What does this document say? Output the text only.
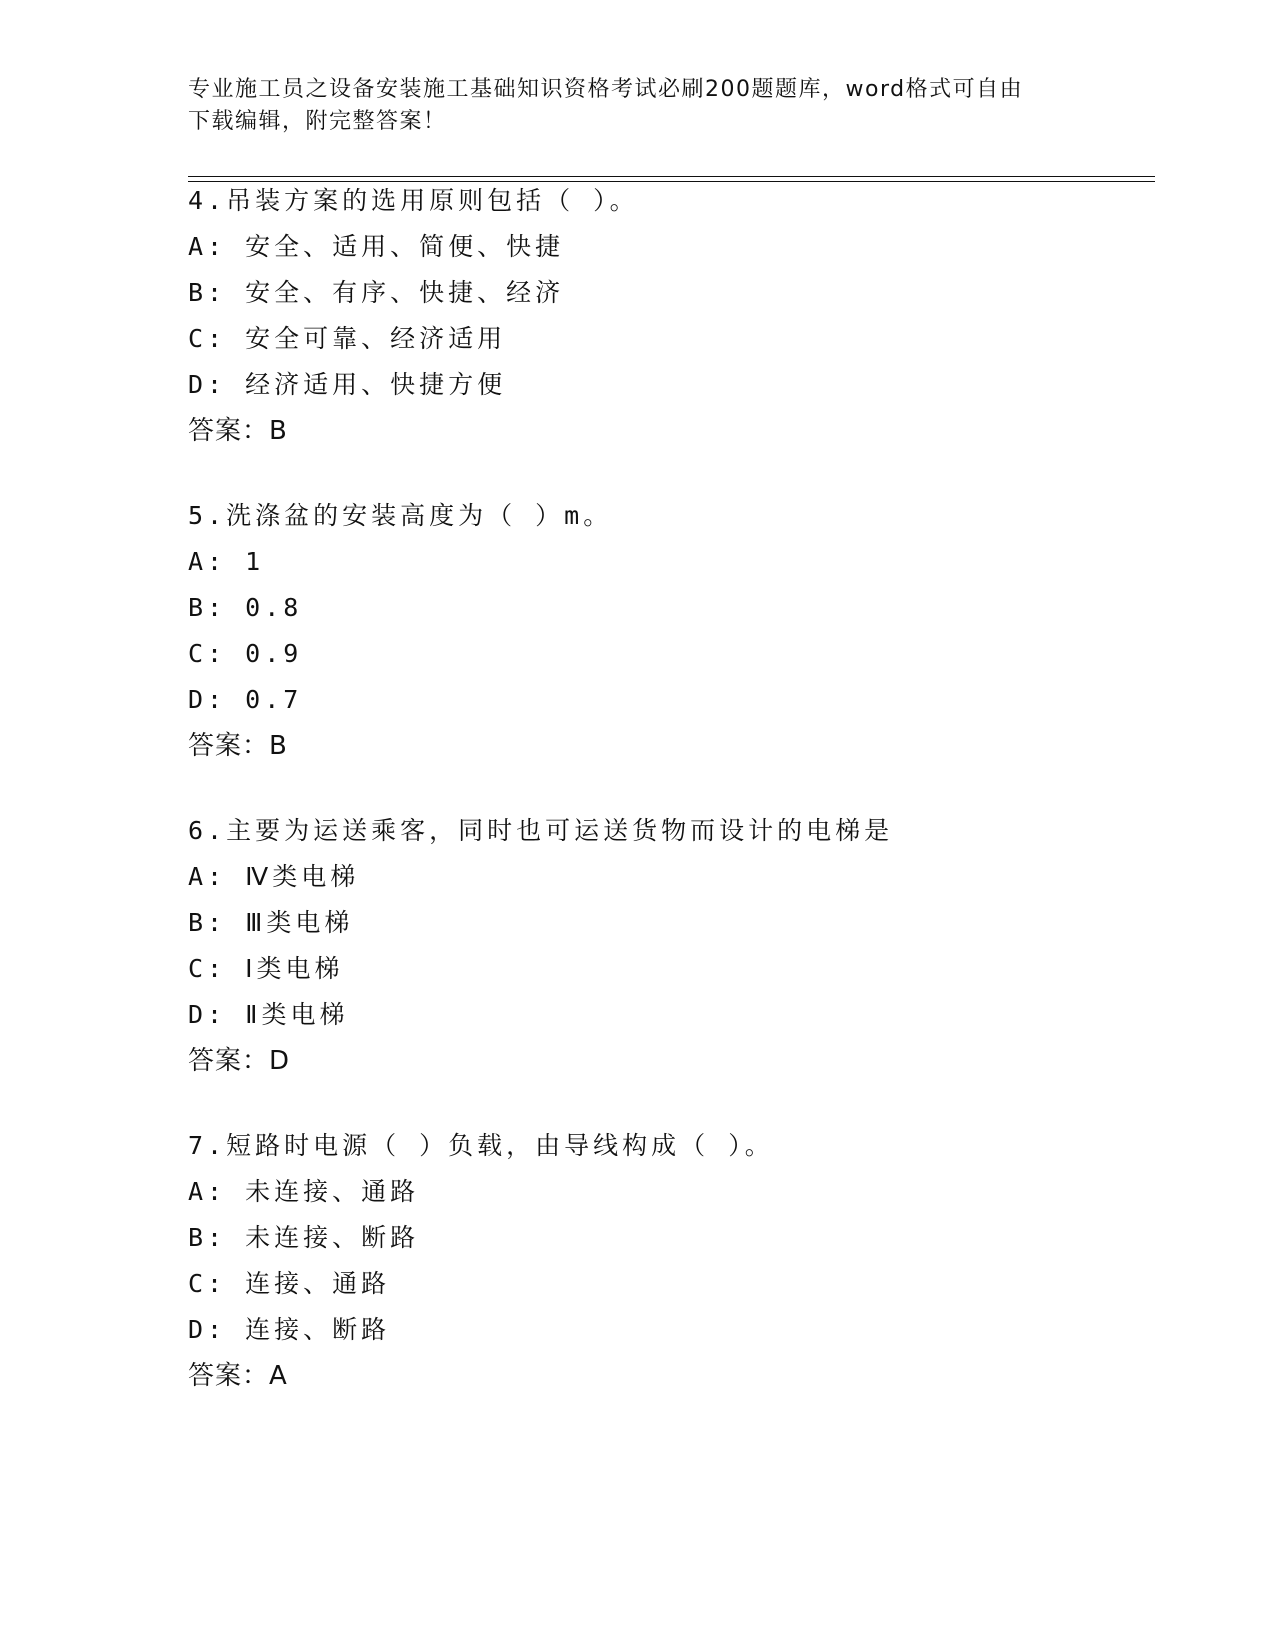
专业施工员之设备安装施工基础知识资格考试必刷200题题库，word格式可自由
下载编辑，附完整答案！
4.吊装方案的选用原则包括（ ）。
A: 安全、适用、简便、快捷
B: 安全、有序、快捷、经济
C: 安全可靠、经济适用
D: 经济适用、快捷方便
答案：B
5.洗涤盆的安装高度为（ ）m。
A: 1
B: 0.8
C: 0.9
D: 0.7
答案：B
6.主要为运送乘客，同时也可运送货物而设计的电梯是
A: Ⅳ类电梯
B: Ⅲ类电梯
C: Ⅰ类电梯
D: Ⅱ类电梯
答案：D
7.短路时电源（ ）负载，由导线构成（ ）。
A: 未连接、通路
B: 未连接、断路
C: 连接、通路
D: 连接、断路
答案：A
